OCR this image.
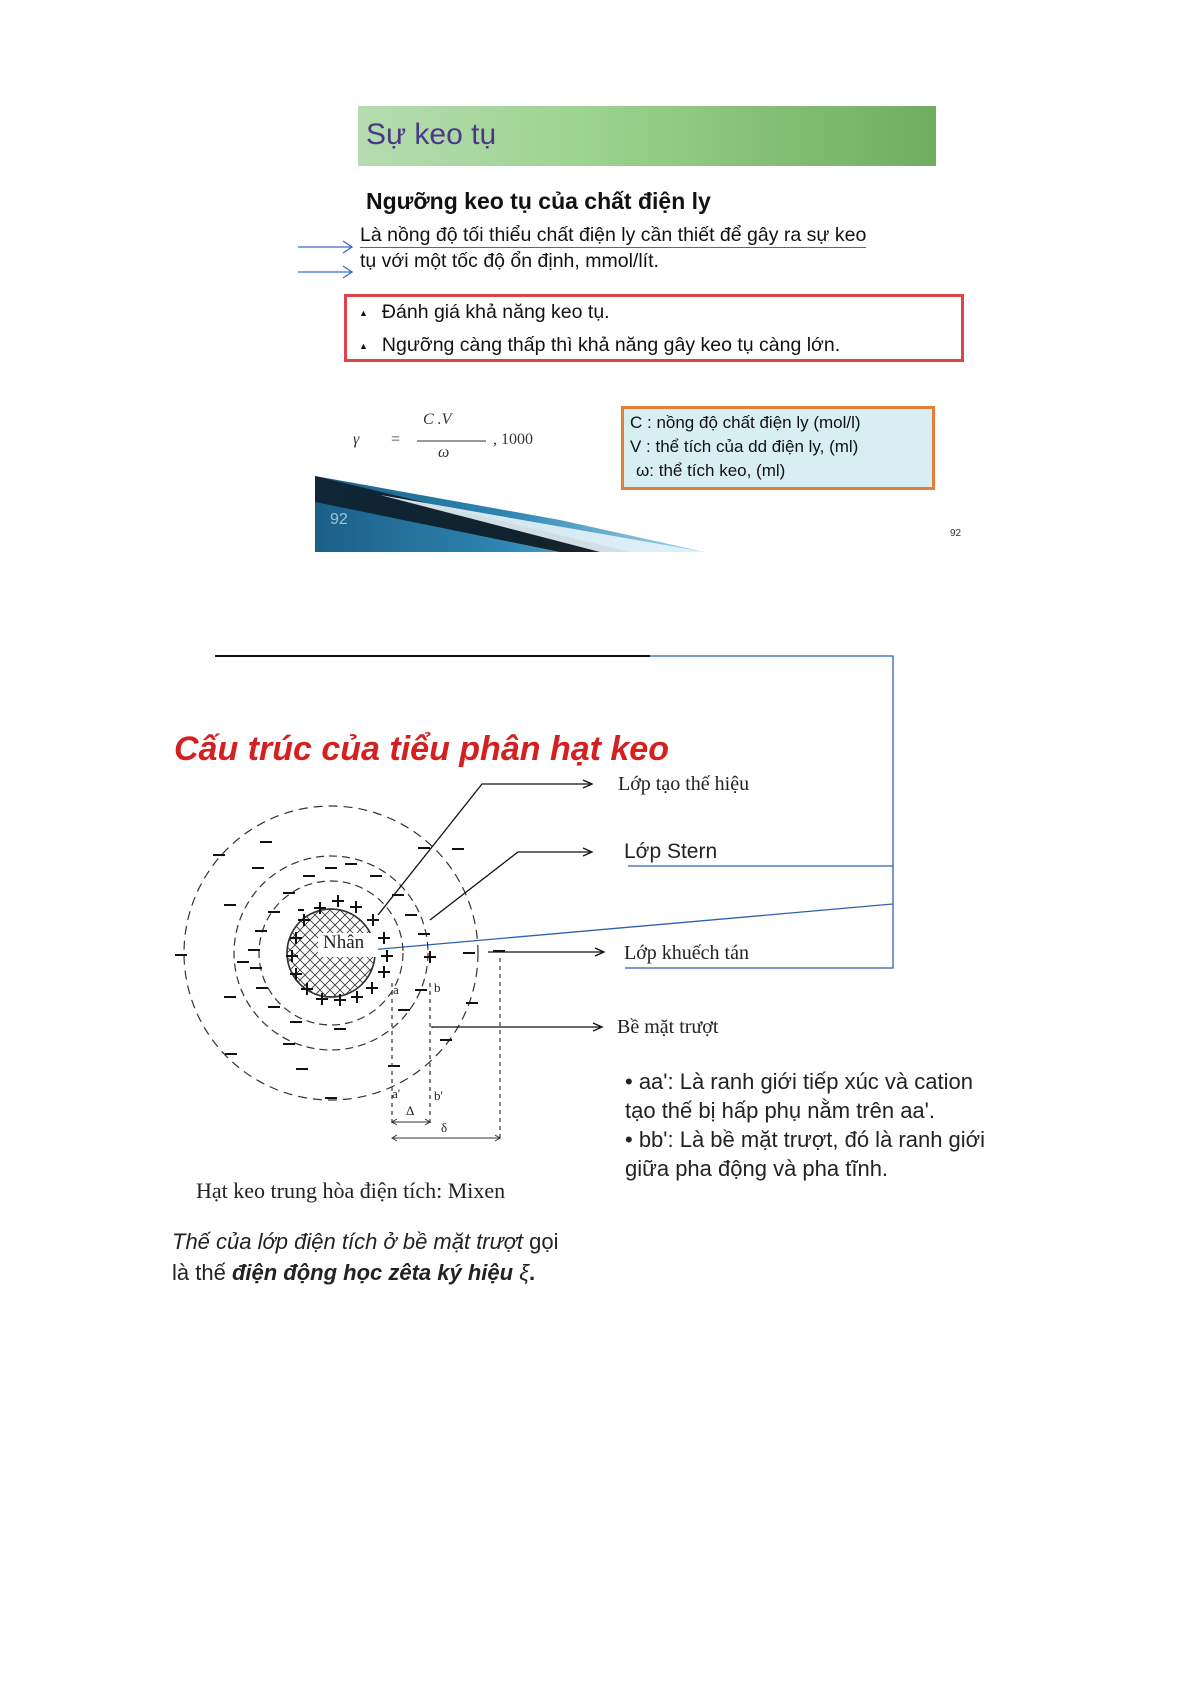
Sự keo tụ
Ngưỡng keo tụ của chất điện ly
Là nồng độ tối thiểu chất điện ly cần thiết để gây ra sự keo
tụ với một tốc độ ổn định, mmol/lít.
▲ Đánh giá khả năng keo tụ.
▲ Ngưỡng càng thấp thì khả năng gây keo tụ càng lớn.
γ =
C .V
ω
, 1000
C : nồng độ chất điện ly (mol/l)
V : thể tích của dd điện ly, (ml)
ω: thể tích keo, (ml)
92
Cấu trúc của tiểu phân hạt keo
Lớp tạo thế hiệu
Lớp Stern
Lớp khuếch tán
Bề mặt trượt
Nhân
a	b
a'	b'
Δ
δ
Hạt keo trung hòa điện tích: Mixen
Thế của lớp điện tích ở bề mặt trượt gọi là thế điện động học zêta ký hiệu ξ.

• aa': Là ranh giới tiếp xúc và cation tạo thế bị hấp phụ nằm trên aa'.

• bb': Là bề mặt trượt, đó là ranh giới giữa pha động và pha tĩnh.

92
